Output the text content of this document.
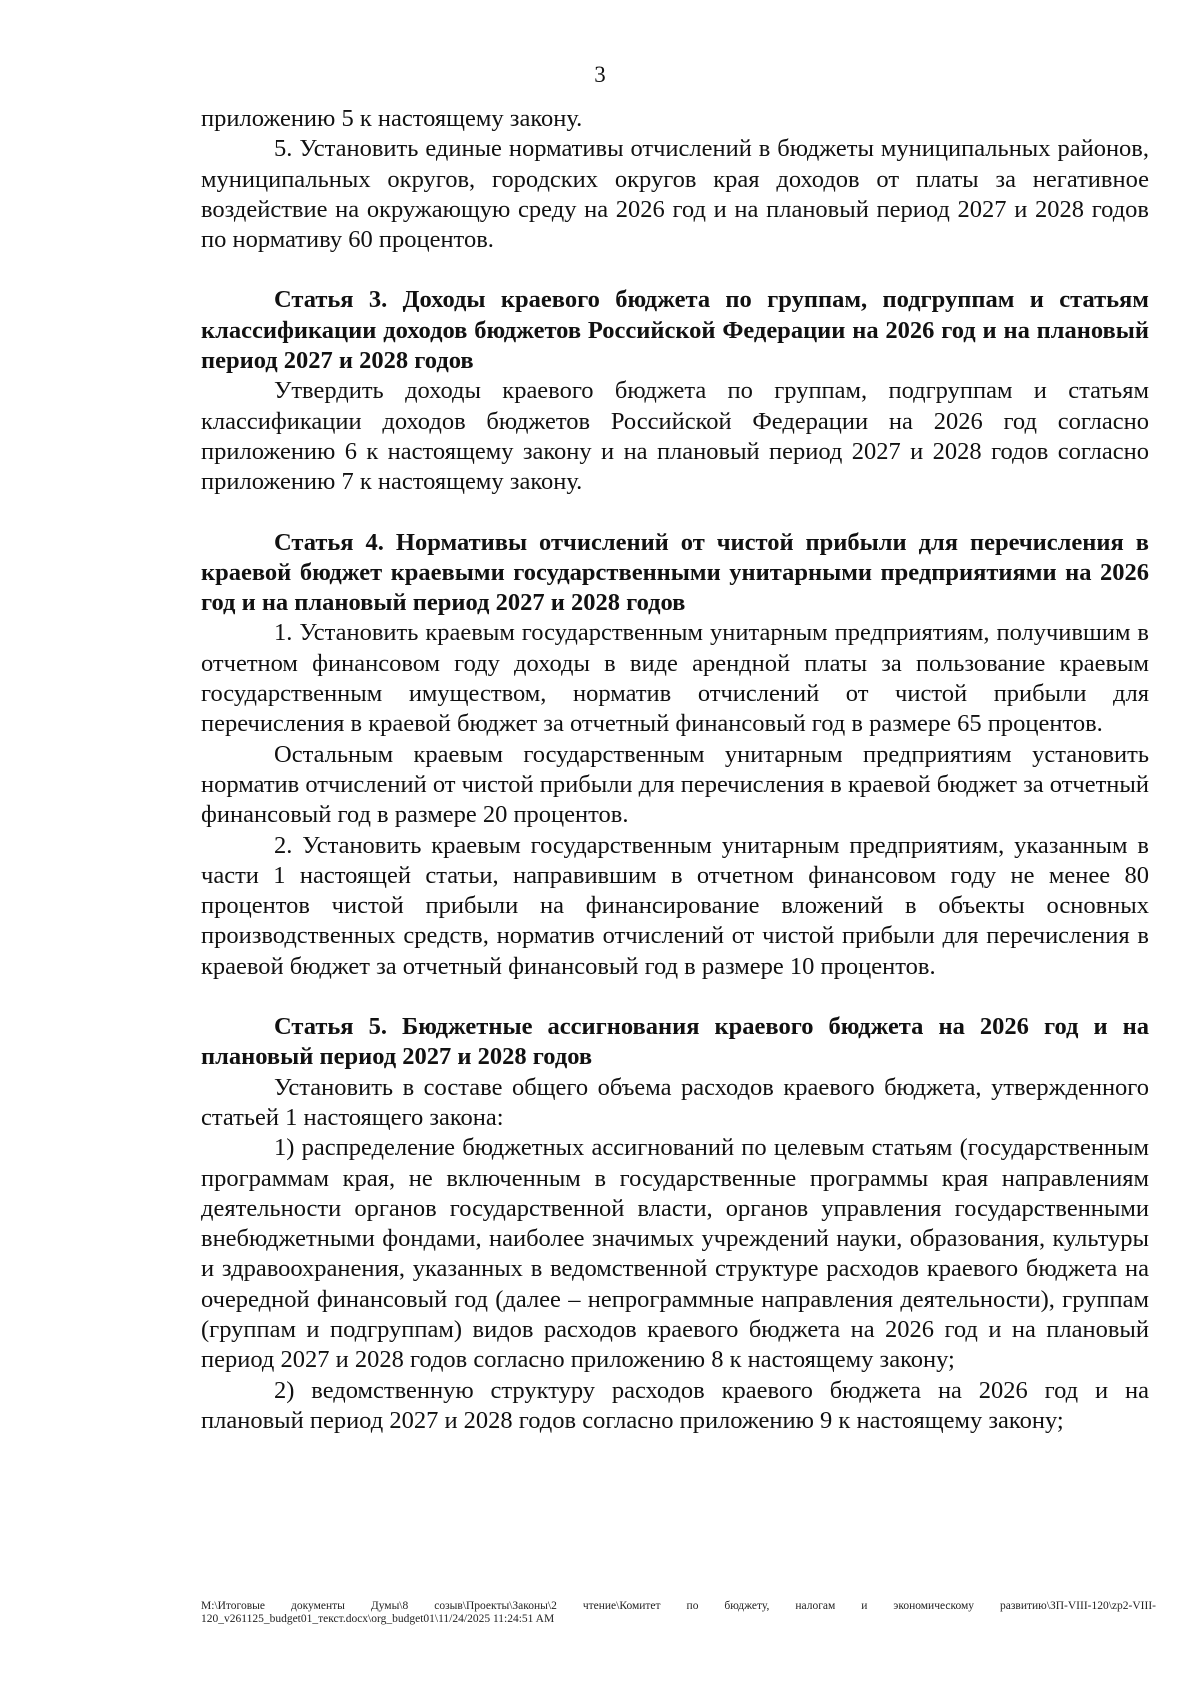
3

приложению 5 к настоящему закону.

5. Установить единые нормативы отчислений в бюджеты муниципальных районов, муниципальных округов, городских округов края доходов от платы за негативное воздействие на окружающую среду на 2026 год и на плановый период 2027 и 2028 годов по нормативу 60 процентов.

Статья 3. Доходы краевого бюджета по группам, подгруппам и статьям классификации доходов бюджетов Российской Федерации на 2026 год и на плановый период 2027 и 2028 годов

Утвердить доходы краевого бюджета по группам, подгруппам и статьям классификации доходов бюджетов Российской Федерации на 2026 год согласно приложению 6 к настоящему закону и на плановый период 2027 и 2028 годов согласно приложению 7 к настоящему закону.

Статья 4. Нормативы отчислений от чистой прибыли для перечисления в краевой бюджет краевыми государственными унитарными предприятиями на 2026 год и на плановый период 2027 и 2028 годов

1. Установить краевым государственным унитарным предприятиям, получившим в отчетном финансовом году доходы в виде арендной платы за пользование краевым государственным имуществом, норматив отчислений от чистой прибыли для перечисления в краевой бюджет за отчетный финансовый год в размере 65 процентов.

Остальным краевым государственным унитарным предприятиям установить норматив отчислений от чистой прибыли для перечисления в краевой бюджет за отчетный финансовый год в размере 20 процентов.

2. Установить краевым государственным унитарным предприятиям, указанным в части 1 настоящей статьи, направившим в отчетном финансовом году не менее 80 процентов чистой прибыли на финансирование вложений в объекты основных производственных средств, норматив отчислений от чистой прибыли для перечисления в краевой бюджет за отчетный финансовый год в размере 10 процентов.

Статья 5. Бюджетные ассигнования краевого бюджета на 2026 год и на плановый период 2027 и 2028 годов

Установить в составе общего объема расходов краевого бюджета, утвержденного статьей 1 настоящего закона:

1) распределение бюджетных ассигнований по целевым статьям (государственным программам края, не включенным в государственные программы края направлениям деятельности органов государственной власти, органов управления государственными внебюджетными фондами, наиболее значимых учреждений науки, образования, культуры и здравоохранения, указанных в ведомственной структуре расходов краевого бюджета на очередной финансовый год (далее – непрограммные направления деятельности), группам (группам и подгруппам) видов расходов краевого бюджета на 2026 год и на плановый период 2027 и 2028 годов согласно приложению 8 к настоящему закону;

2) ведомственную структуру расходов краевого бюджета на 2026 год и на плановый период 2027 и 2028 годов согласно приложению 9 к настоящему закону;

М:\Итоговые документы Думы\8 созыв\Проекты\Законы\2 чтение\Комитет по бюджету, налогам и экономическому развитию\ЗП-VIII-120\zp2-VIII-120_v261125_budget01_текст.docx\org_budget01\11/24/2025 11:24:51 AM
